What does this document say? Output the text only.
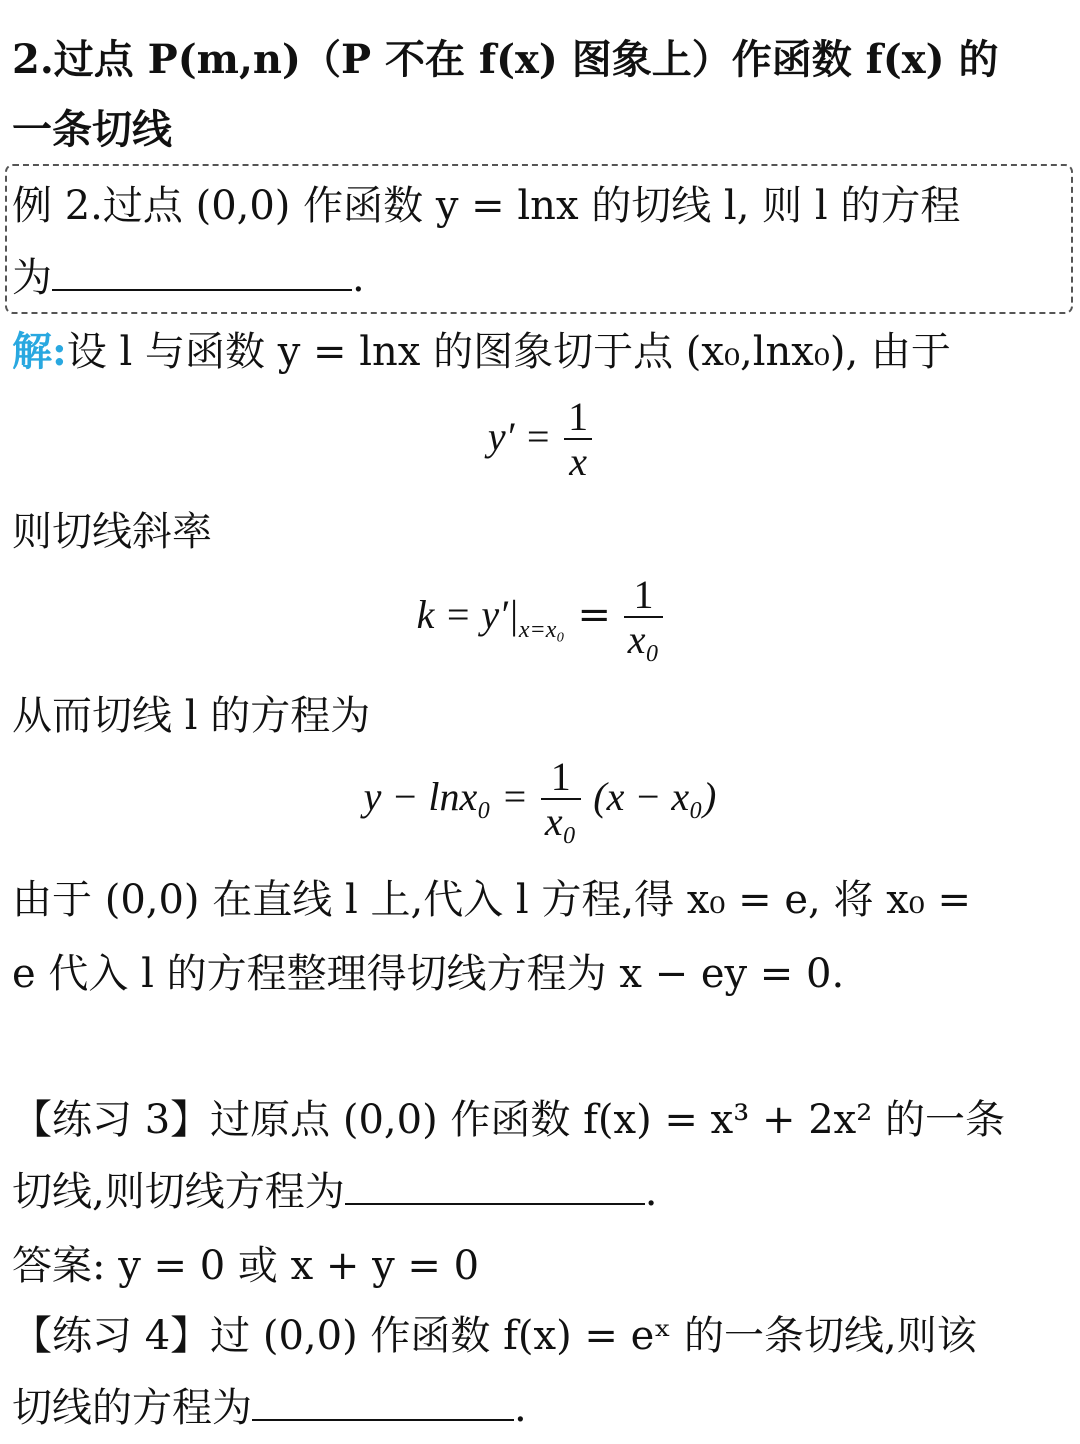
2.过点 P(m,n)（P 不在 f(x) 图象上）作函数 f(x) 的
一条切线
例 2.过点 (0,0) 作函数 y = lnx 的切线 l, 则 l 的方程
为	.
解:设 l 与函数 y = lnx 的图象切于点 (x₀,lnx₀), 由于
$y' = \frac{1}{x}$
则切线斜率
$k = y'|_{x=x_0} = \frac{1}{\text{x₀}}$
从而切线 l 的方程为
$y - \ln x_0 = \frac{1}{\text{x₀}} (x - x_0)$
由于 (0,0) 在直线 l 上,代入 l 方程,得 x₀ = e, 将 x₀ =
e 代入 l 的方程整理得切线方程为 x − ey = 0.
【练习 3】过原点 (0,0) 作函数 f(x) = x³ + 2x² 的一条
切线,则切线方程为	.
答案: y = 0 或 x + y = 0
【练习 4】过 (0,0) 作函数 f(x) = eˣ 的一条切线,则该
切线的方程为	.
